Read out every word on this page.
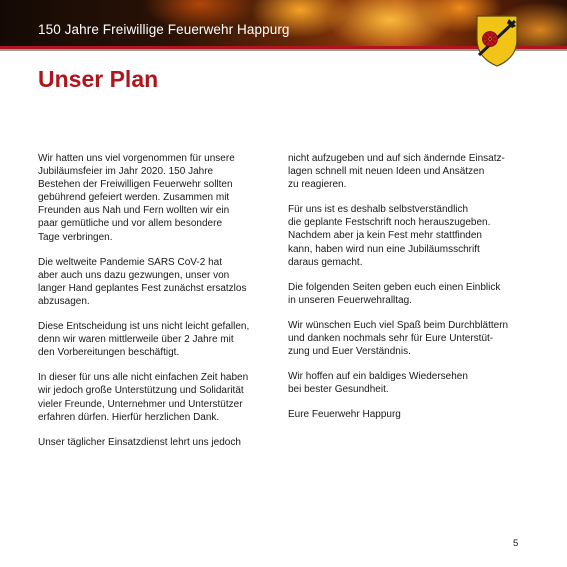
150 Jahre Freiwillige Feuerwehr Happurg
Unser Plan

Wir hatten uns viel vorgenommen für unsere
Jubiläumsfeier im Jahr 2020. 150 Jahre
Bestehen der Freiwilligen Feuerwehr sollten
gebührend gefeiert werden. Zusammen mit
Freunden aus Nah und Fern wollten wir ein
paar gemütliche und vor allem besondere
Tage verbringen.

Die weltweite Pandemie SARS CoV-2 hat
aber auch uns dazu gezwungen, unser von
langer Hand geplantes Fest zunächst ersatzlos
abzusagen.

Diese Entscheidung ist uns nicht leicht gefallen,
denn wir waren mittlerweile über 2 Jahre mit
den Vorbereitungen beschäftigt.

In dieser für uns alle nicht einfachen Zeit haben
wir jedoch große Unterstützung und Solidarität
vieler Freunde, Unternehmer und Unterstützer
erfahren dürfen. Hierfür herzlichen Dank.

Unser täglicher Einsatzdienst lehrt uns jedoch

nicht aufzugeben und auf sich ändernde Einsatz-
lagen schnell mit neuen Ideen und Ansätzen
zu reagieren.

Für uns ist es deshalb selbstverständlich
die geplante Festschrift noch herauszugeben.
Nachdem aber ja kein Fest mehr stattfinden
kann, haben wird nun eine Jubiläumsschrift
daraus gemacht.

Die folgenden Seiten geben euch einen Einblick
in unseren Feuerwehralltag.

Wir wünschen Euch viel Spaß beim Durchblättern
und danken nochmals sehr für Eure Unterstüt-
zung und Euer Verständnis.

Wir hoffen auf ein baldiges Wiedersehen
bei bester Gesundheit.

Eure Feuerwehr Happurg

5
